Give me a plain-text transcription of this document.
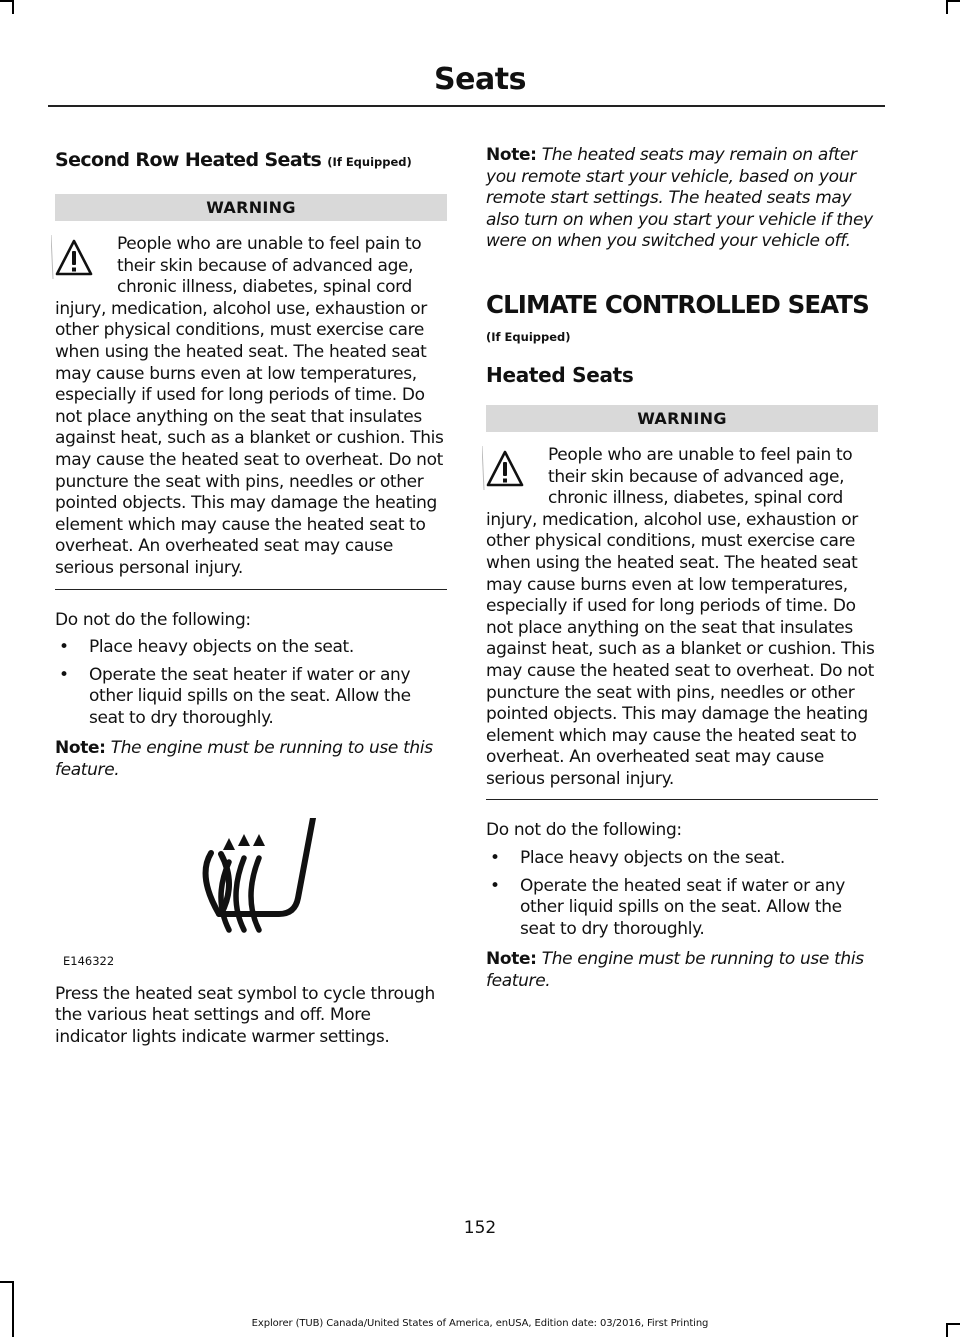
Seats
Second Row Heated Seats (If Equipped)
WARNING
People who are unable to feel pain to their skin because of advanced age, chronic illness, diabetes, spinal cord injury, medication, alcohol use, exhaustion or other physical conditions, must exercise care when using the heated seat. The heated seat may cause burns even at low temperatures, especially if used for long periods of time. Do not place anything on the seat that insulates against heat, such as a blanket or cushion. This may cause the heated seat to overheat. Do not puncture the seat with pins, needles or other pointed objects. This may damage the heating element which may cause the heated seat to overheat. An overheated seat may cause serious personal injury.

Do not do the following:

• Place heavy objects on the seat.
• Operate the seat heater if water or any other liquid spills on the seat. Allow the seat to dry thoroughly.

Note: The engine must be running to use this feature.

E146322

Press the heated seat symbol to cycle through the various heat settings and off. More indicator lights indicate warmer settings.

Note: The heated seats may remain on after you remote start your vehicle, based on your remote start settings. The heated seats may also turn on when you start your vehicle if they were on when you switched your vehicle off.

CLIMATE CONTROLLED SEATS

(If Equipped)

Heated Seats
WARNING
People who are unable to feel pain to their skin because of advanced age, chronic illness, diabetes, spinal cord injury, medication, alcohol use, exhaustion or other physical conditions, must exercise care when using the heated seat. The heated seat may cause burns even at low temperatures, especially if used for long periods of time. Do not place anything on the seat that insulates against heat, such as a blanket or cushion. This may cause the heated seat to overheat. Do not puncture the seat with pins, needles or other pointed objects. This may damage the heating element which may cause the heated seat to overheat. An overheated seat may cause serious personal injury.

Do not do the following:

• Place heavy objects on the seat.
• Operate the heated seat if water or any other liquid spills on the seat. Allow the seat to dry thoroughly.

Note: The engine must be running to use this feature.

152
Explorer (TUB) Canada/United States of America, enUSA, Edition date: 03/2016, First Printing
